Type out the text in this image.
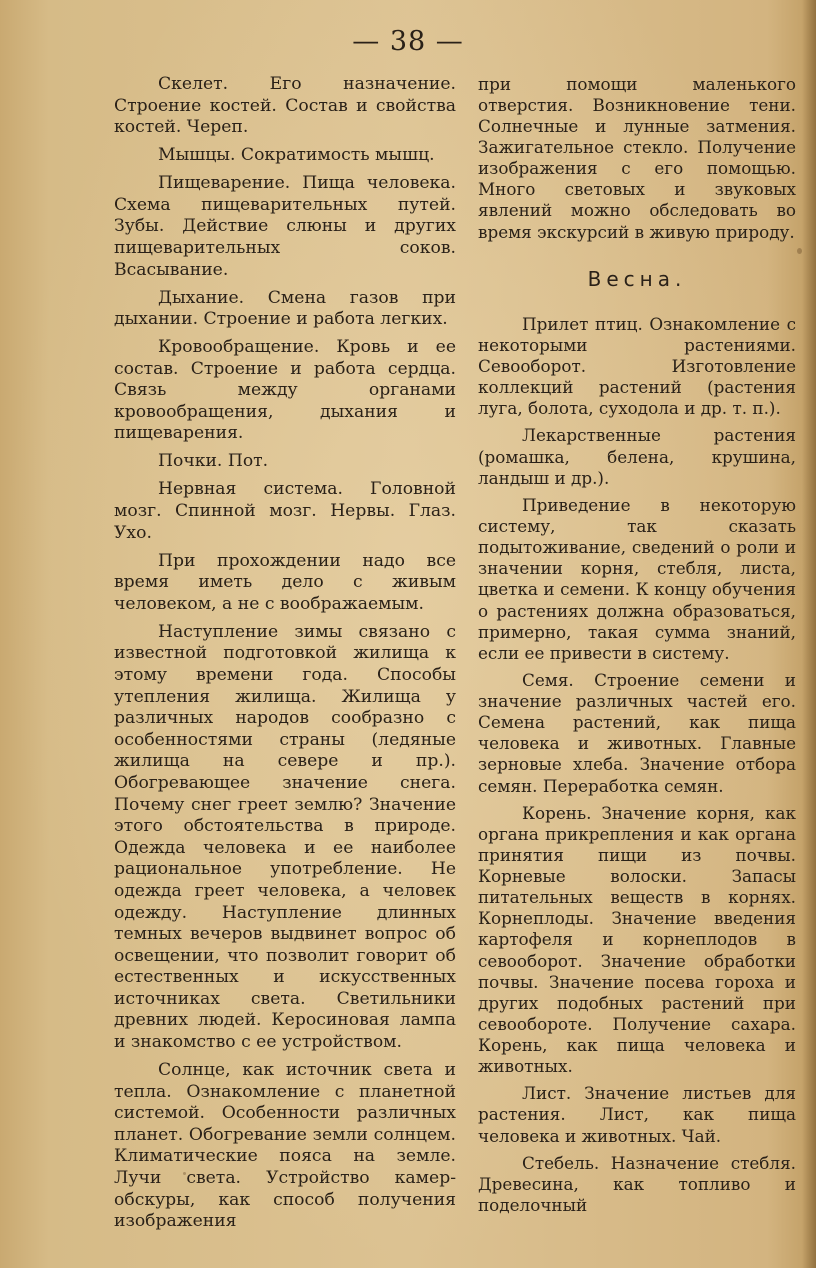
— 38 —

Скелет. Его назначение. Строение костей. Состав и свойства костей. Череп.

Мышцы. Сократимость мышц.

Пищеварение. Пища человека. Схема пищеварительных путей. Зубы. Действие слюны и других пищеварительных соков. Всасывание.

Дыхание. Смена газов при дыхании. Строение и работа легких.

Кровообращение. Кровь и ее состав. Строение и работа сердца. Связь между органами кровообращения, дыхания и пищеварения.

Почки. Пот.

Нервная система. Головной мозг. Спинной мозг. Нервы. Глаз. Ухо.

При прохождении надо все время иметь дело с живым человеком, а не с воображаемым.

Наступление зимы связано с известной подготовкой жилища к этому времени года. Способы утепления жилища. Жилища у различных народов сообразно с особенностями страны (ледяные жилища на севере и пр.). Обогревающее значение снега. Почему снег греет землю? Значение этого обстоятельства в природе. Одежда человека и ее наиболее рациональное употребление. Не одежда греет человека, а человек одежду. Наступление длинных темных вечеров выдвинет вопрос об освещении, что позволит говорит об естественных и искусственных источниках света. Светильники древних людей. Керосиновая лампа и знакомство с ее устройством.

Солнце, как источник света и тепла. Ознакомление с планетной системой. Особенности различных планет. Обогревание земли солнцем. Климатические пояса на земле. Лучи света. Устройство камер-обскуры, как способ получения изображения

при помощи маленького отверстия. Возникновение тени. Солнечные и лунные затмения. Зажигательное стекло. Получение изображения с его помощью. Много световых и звуковых явлений можно обследовать во время экскурсий в живую природу.

Весна.

Прилет птиц. Ознакомление с некоторыми растениями. Севооборот. Изготовление коллекций растений (растения луга, болота, суходола и др. т. п.).

Лекарственные растения (ромашка, белена, крушина, ландыш и др.).

Приведение в некоторую систему, так сказать подытоживание, сведений о роли и значении корня, стебля, листа, цветка и семени. К концу обучения о растениях должна образоваться, примерно, такая сумма знаний, если ее привести в систему.

Семя. Строение семени и значение различных частей его. Семена растений, как пища человека и животных. Главные зерновые хлеба. Значение отбора семян. Переработка семян.

Корень. Значение корня, как органа прикрепления и как органа принятия пищи из почвы. Корневые волоски. Запасы питательных веществ в корнях. Корнеплоды. Значение введения картофеля и корнеплодов в севооборот. Значение обработки почвы. Значение посева гороха и других подобных растений при севообороте. Получение сахара. Корень, как пища человека и животных.

Лист. Значение листьев для растения. Лист, как пища человека и животных. Чай.

Стебель. Назначение стебля. Древесина, как топливо и поделочный
